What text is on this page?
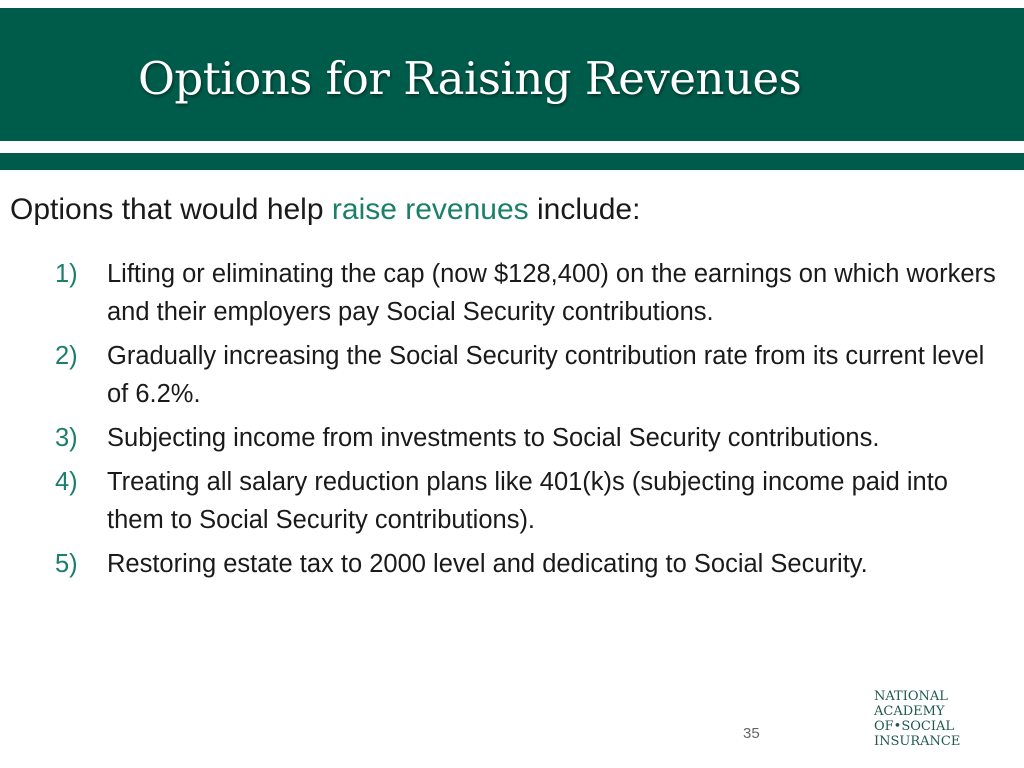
Options for Raising Revenues

Options that would help raise revenues include:

1)	Lifting or eliminating the cap (now $128,400) on the earnings on which workers and their employers pay Social Security contributions.
2)	Gradually increasing the Social Security contribution rate from its current level of 6.2%.
3)	Subjecting income from investments to Social Security contributions.
4)	Treating all salary reduction plans like 401(k)s (subjecting income paid into them to Social Security contributions).
5)	Restoring estate tax to 2000 level and dedicating to Social Security.
35
NATIONAL
ACADEMY
OF•SOCIAL
INSURANCE
